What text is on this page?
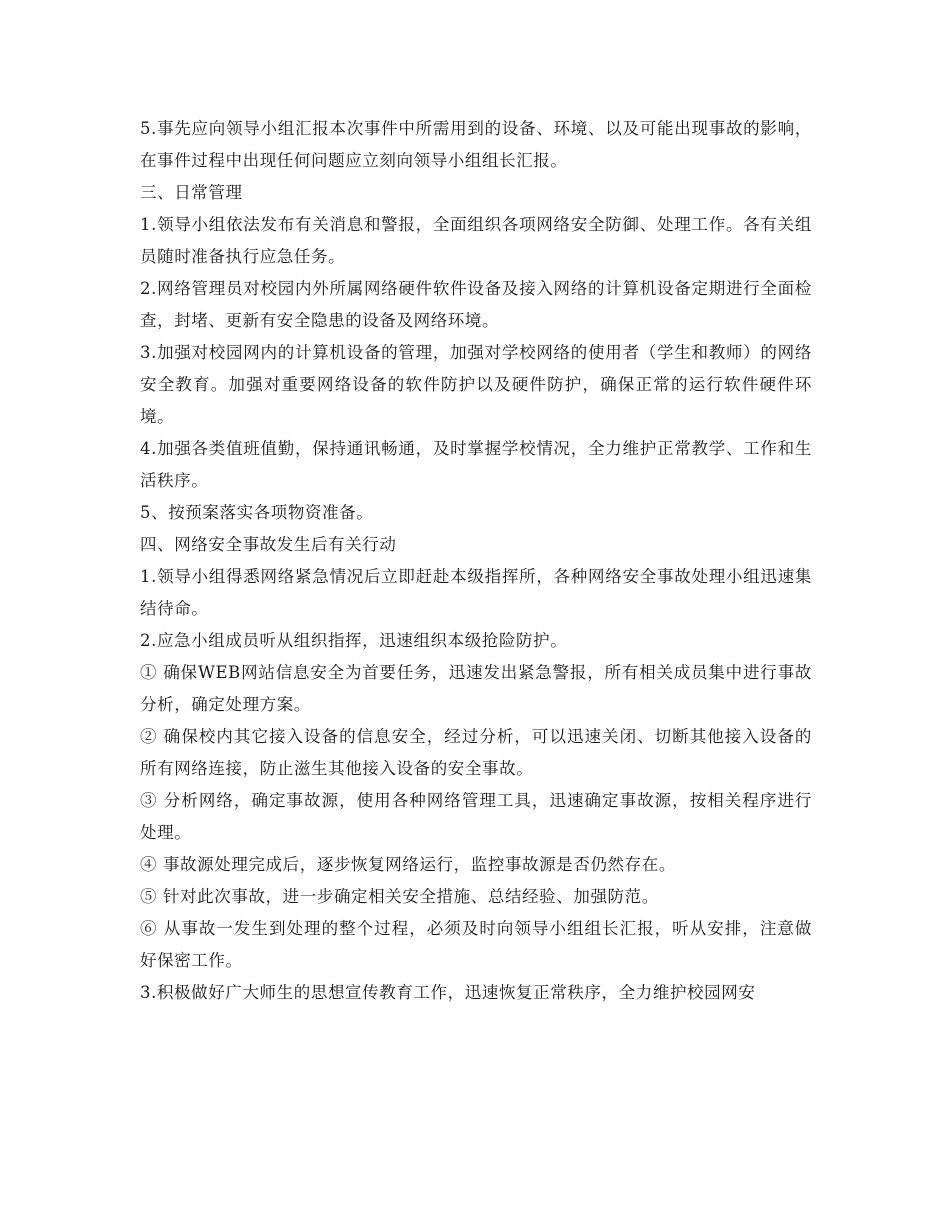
5.事先应向领导小组汇报本次事件中所需用到的设备、环境、以及可能出现事故的影响，在事件过程中出现任何问题应立刻向领导小组组长汇报。

三、日常管理

1.领导小组依法发布有关消息和警报，全面组织各项网络安全防御、处理工作。各有关组员随时准备执行应急任务。

2.网络管理员对校园内外所属网络硬件软件设备及接入网络的计算机设备定期进行全面检查，封堵、更新有安全隐患的设备及网络环境。

3.加强对校园网内的计算机设备的管理，加强对学校网络的使用者（学生和教师）的网络安全教育。加强对重要网络设备的软件防护以及硬件防护，确保正常的运行软件硬件环境。

4.加强各类值班值勤，保持通讯畅通，及时掌握学校情况，全力维护正常教学、工作和生活秩序。

5、按预案落实各项物资准备。

四、网络安全事故发生后有关行动

1.领导小组得悉网络紧急情况后立即赶赴本级指挥所，各种网络安全事故处理小组迅速集结待命。

2.应急小组成员听从组织指挥，迅速组织本级抢险防护。

① 确保WEB网站信息安全为首要任务，迅速发出紧急警报，所有相关成员集中进行事故分析，确定处理方案。

② 确保校内其它接入设备的信息安全，经过分析，可以迅速关闭、切断其他接入设备的所有网络连接，防止滋生其他接入设备的安全事故。

③ 分析网络，确定事故源，使用各种网络管理工具，迅速确定事故源，按相关程序进行处理。

④ 事故源处理完成后，逐步恢复网络运行，监控事故源是否仍然存在。

⑤ 针对此次事故，进一步确定相关安全措施、总结经验、加强防范。

⑥ 从事故一发生到处理的整个过程，必须及时向领导小组组长汇报，听从安排，注意做好保密工作。

3.积极做好广大师生的思想宣传教育工作，迅速恢复正常秩序，全力维护校园网安
